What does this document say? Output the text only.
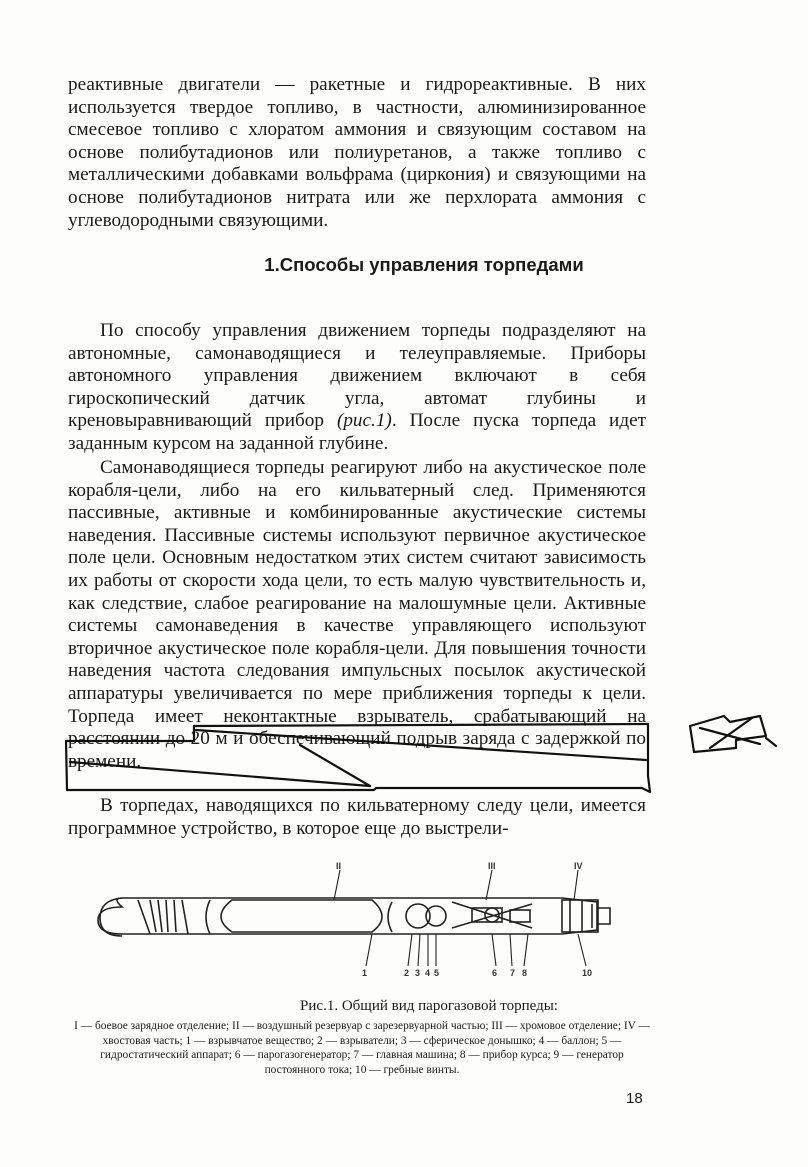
реактивные двигатели — ракетные и гидрореактивные. В них используется твердое топливо, в частности, алюминизированное смесевое топливо с хлоратом аммония и связующим составом на основе полибутадионов или полиуретанов, а также топливо с металлическими добавками вольфрама (циркония) и связующими на основе полибутадионов нитрата или же перхлората аммония с углеводородными связующими.

1.Способы управления торпедами

По способу управления движением торпеды подразделяют на автономные, самонаводящиеся и телеуправляемые. Приборы автономного управления движением включают в себя гироскопический датчик угла, автомат глубины и креновыравнивающий прибор (рис.1). После пуска торпеда идет заданным курсом на заданной глубине.

Самонаводящиеся торпеды реагируют либо на акустическое поле корабля-цели, либо на его кильватерный след. Применяются пассивные, активные и комбинированные акустические системы наведения. Пассивные системы используют первичное акустическое поле цели. Основным недостатком этих систем считают зависимость их работы от скорости хода цели, то есть малую чувствительность и, как следствие, слабое реагирование на малошумные цели. Активные системы самонаведения в качестве управляющего используют вторичное акустическое поле корабля-цели. Для повышения точности наведения частота следования импульсных посылок акустической аппаратуры увеличивается по мере приближения торпеды к цели. Торпеда имеет неконтактные взрыватель, срабатывающий на расстоянии до 20 м и обеспечивающий подрыв заряда с задержкой по времени.

В торпедах, наводящихся по кильватерному следу цели, имеется программное устройство, в которое еще до выстрели-

II	III	IV
1	2 3 4 5	6 7 8	10
Рис.1. Общий вид парогазовой торпеды:
I — боевое зарядное отделение; II — воздушный резервуар с зарезервуарной частью; III — хромовое отделение; IV — хвостовая часть; 1 — взрывчатое вещество; 2 — взрыватели; 3 — сферическое донышко; 4 — баллон; 5 — гидростатический аппарат; 6 — парогазогенератор; 7 — главная машина; 8 — прибор курса; 9 — генератор постоянного тока; 10 — гребные винты.
18
